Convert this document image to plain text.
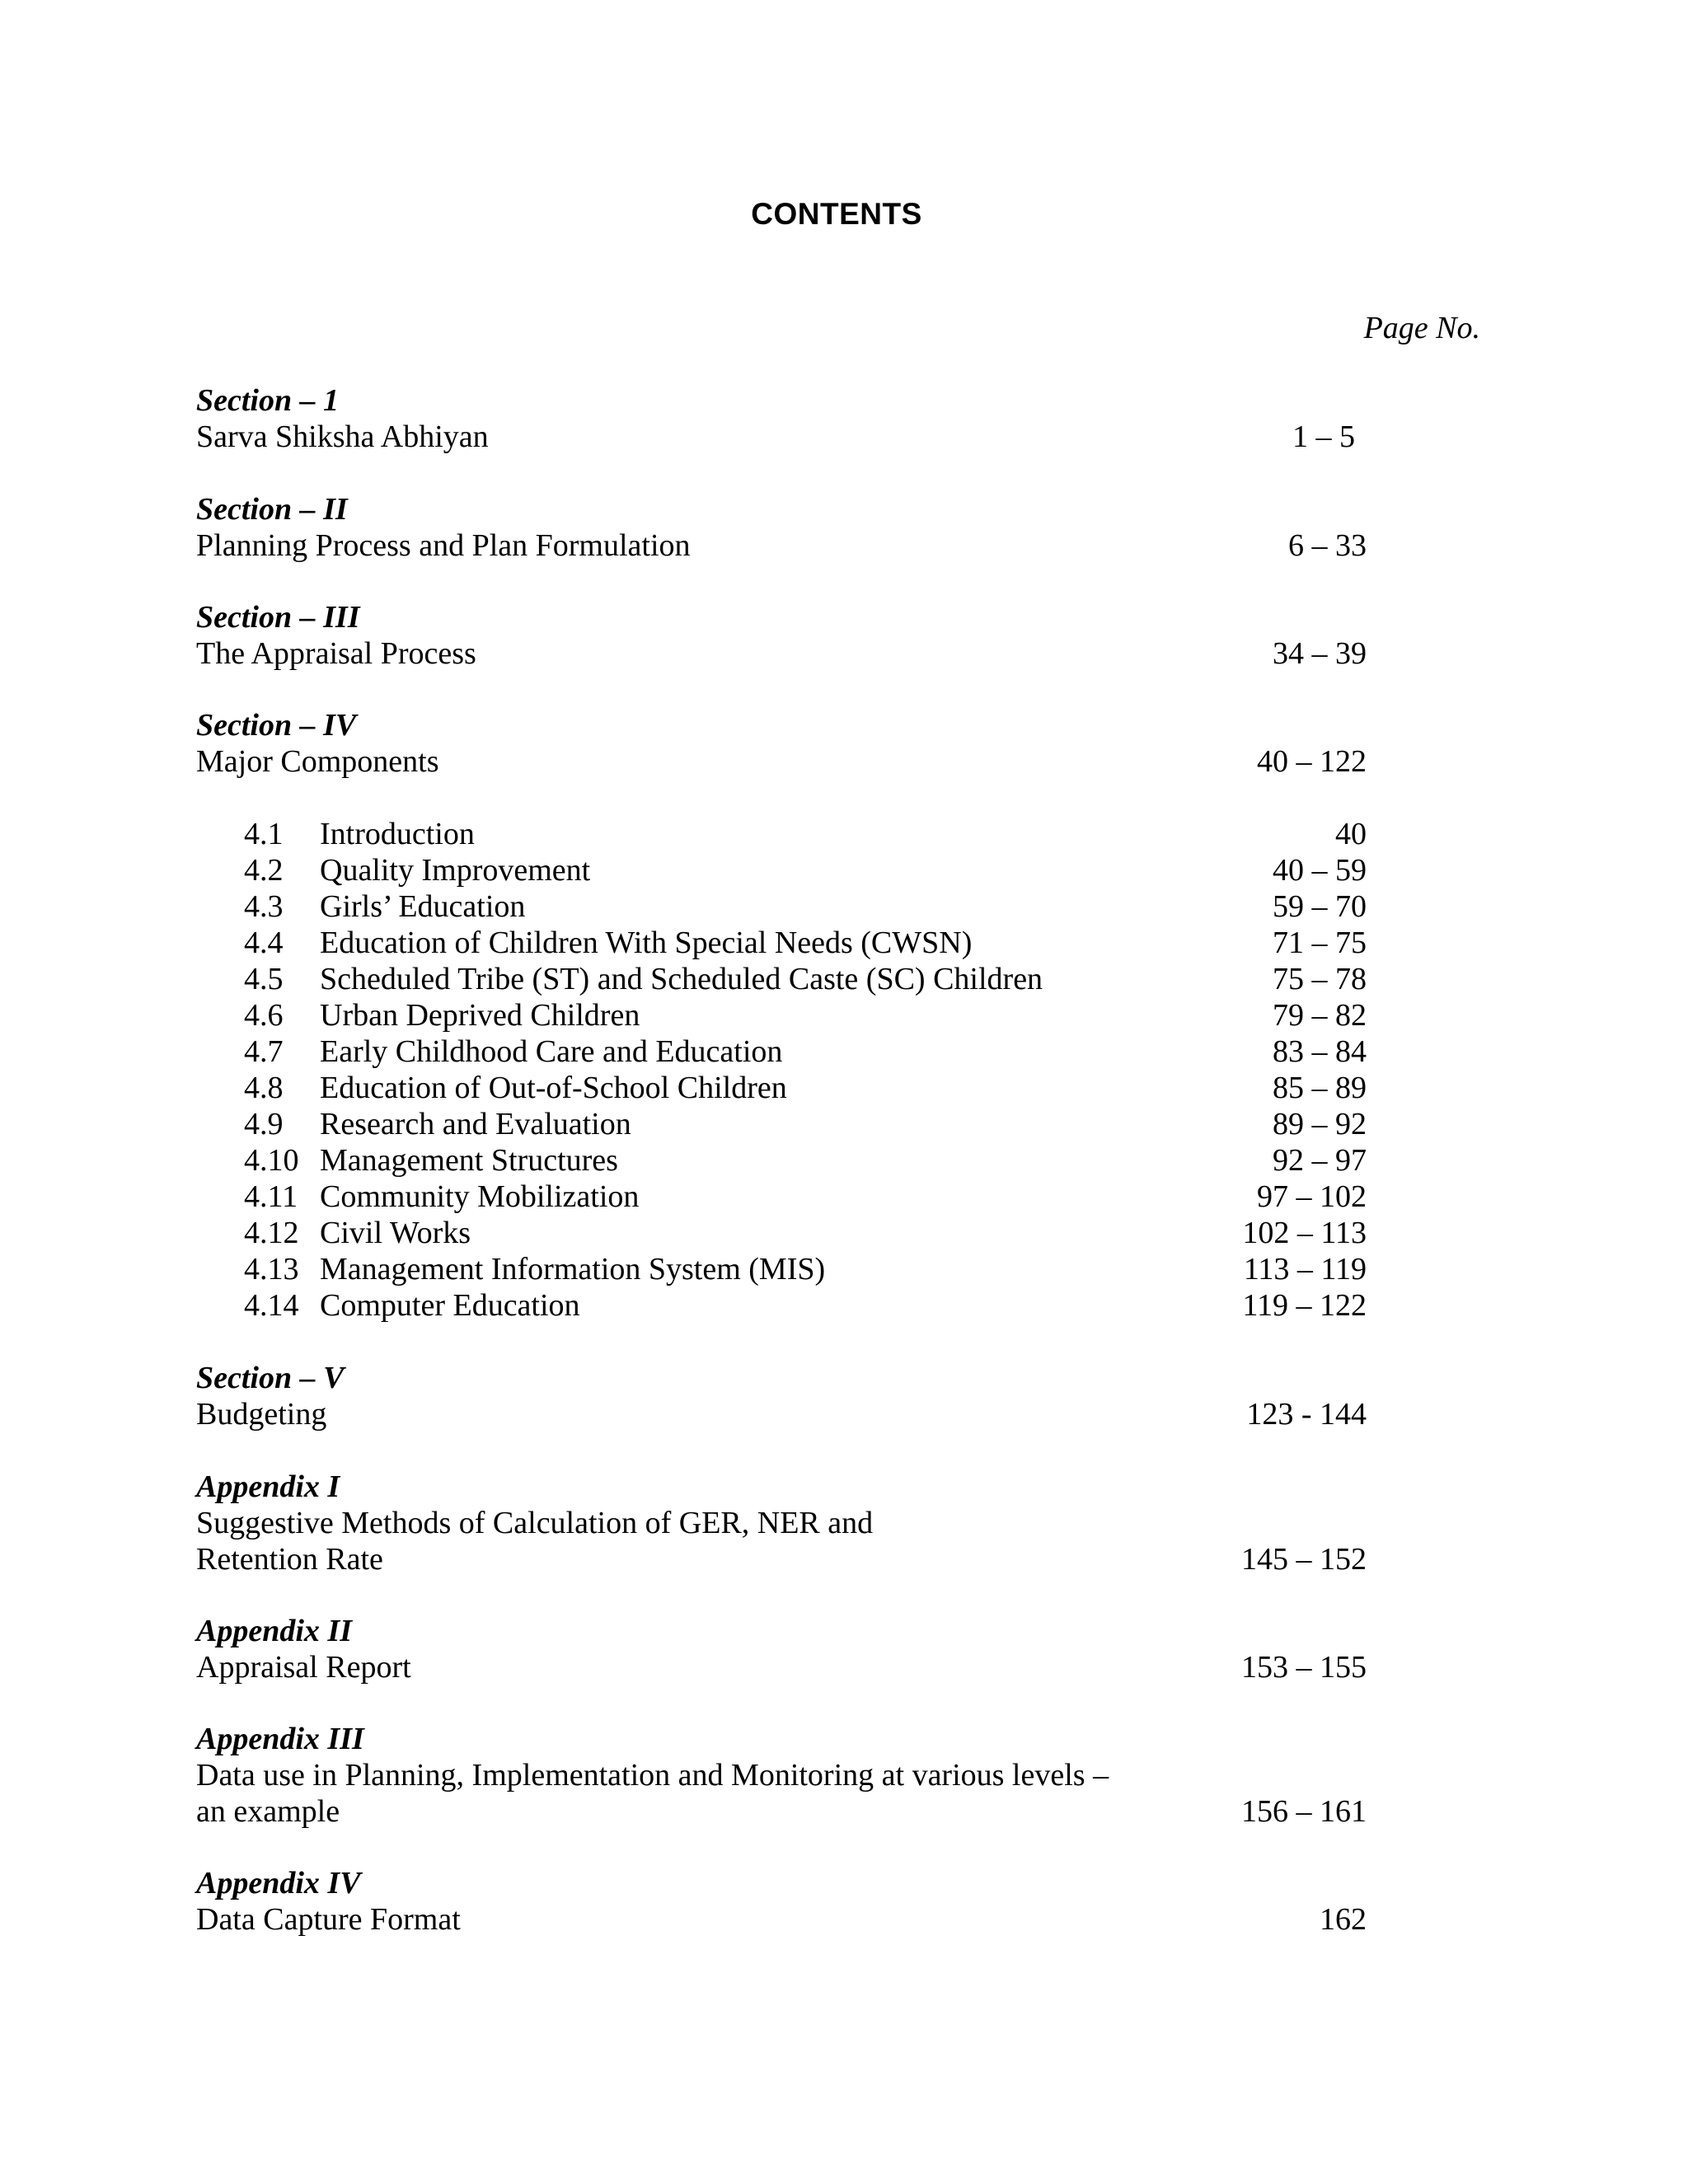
CONTENTS
Page No.
Section – 1
Sarva Shiksha Abhiyan	1 – 5
Section – II
Planning Process and Plan Formulation	6 – 33
Section – III
The Appraisal Process	34 – 39
Section – IV
Major Components	40 – 122
4.1 Introduction	40
4.2 Quality Improvement	40 – 59
4.3 Girls’ Education	59 – 70
4.4 Education of Children With Special Needs (CWSN)	71 – 75
4.5 Scheduled Tribe (ST) and Scheduled Caste (SC) Children	75 – 78
4.6 Urban Deprived Children	79 – 82
4.7 Early Childhood Care and Education	83 – 84
4.8 Education of Out-of-School Children	85 – 89
4.9 Research and Evaluation	89 – 92
4.10 Management Structures	92 – 97
4.11 Community Mobilization	97 – 102
4.12 Civil Works	102 – 113
4.13 Management Information System (MIS)	113 – 119
4.14 Computer Education	119 – 122
Section – V
Budgeting	123 - 144
Appendix I
Suggestive Methods of Calculation of GER, NER and
Retention Rate	145 – 152
Appendix II
Appraisal Report	153 – 155
Appendix III
Data use in Planning, Implementation and Monitoring at various levels –
an example	156 – 161
Appendix IV
Data Capture Format	162
